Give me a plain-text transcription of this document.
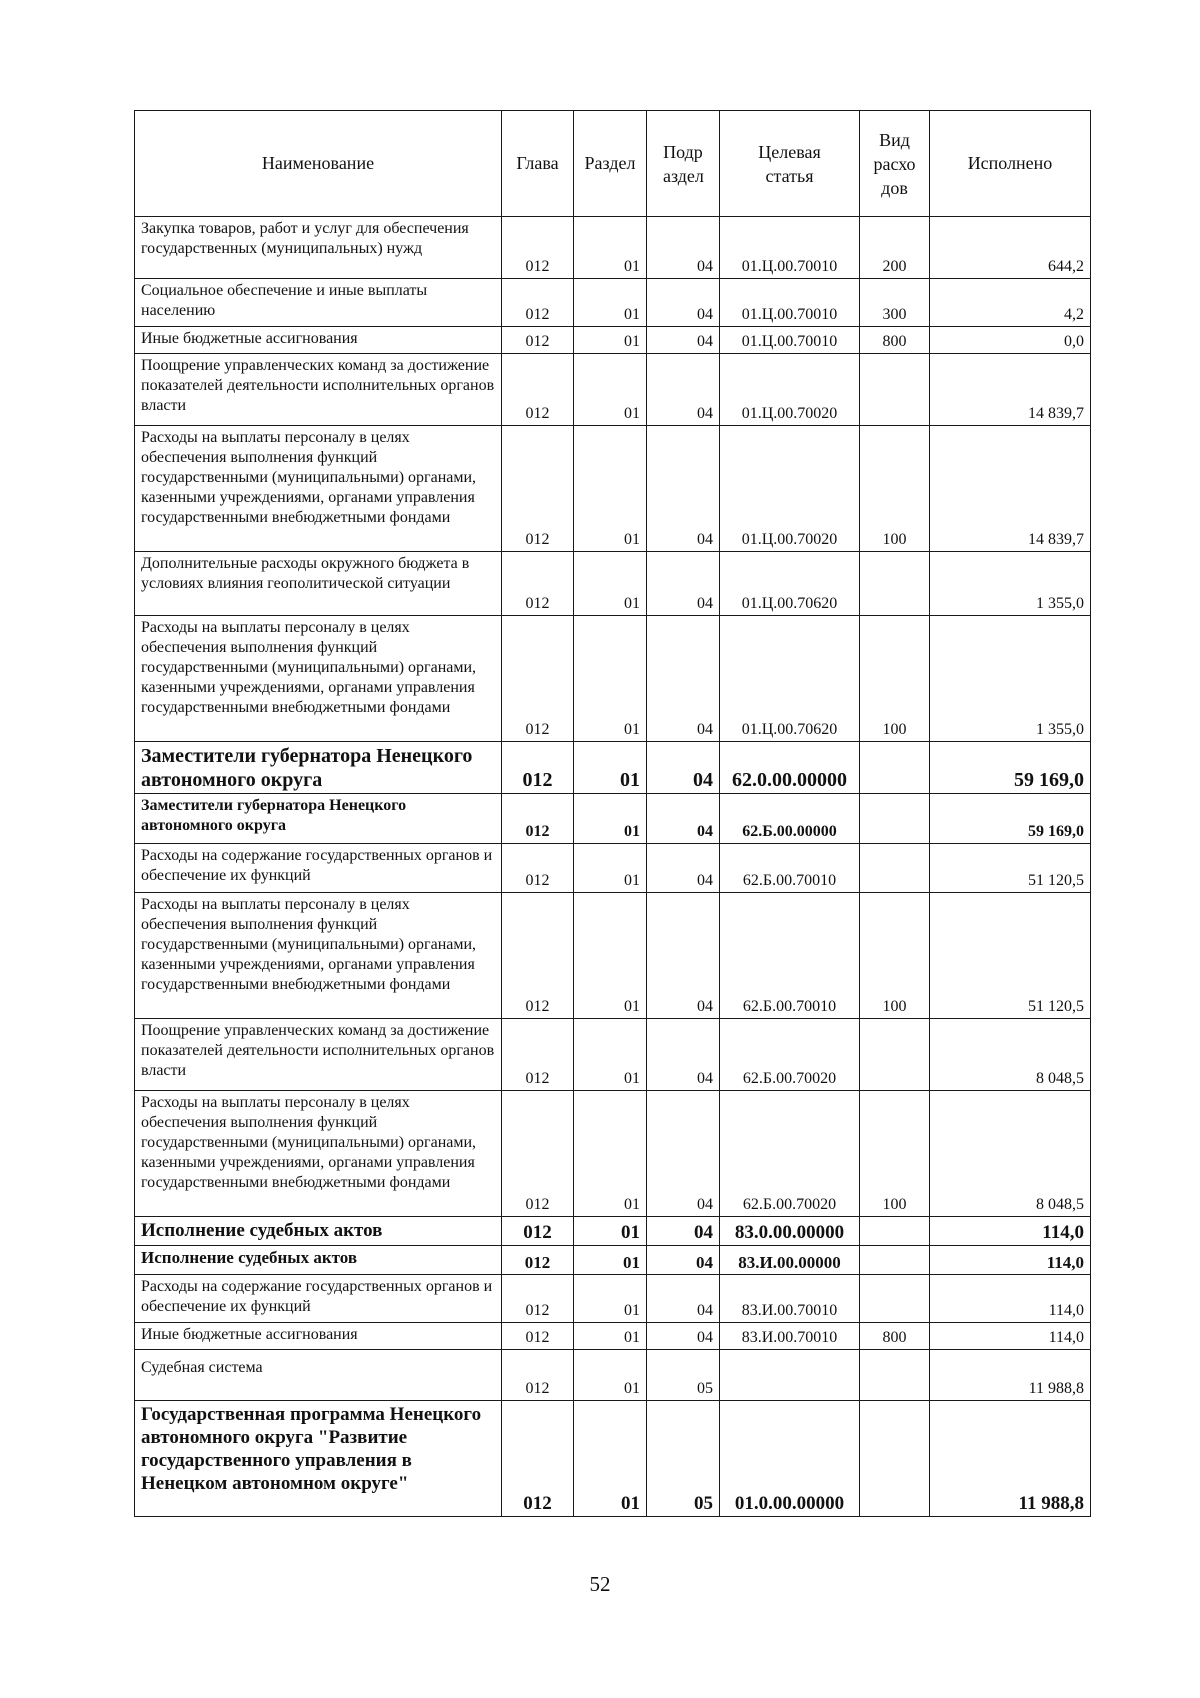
Наименование	Глава	Раздел	Подр аздел	Целевая статья	Вид расхо дов	Исполнено
Закупка товаров, работ и услуг для обеспечения государственных (муниципальных) нужд	012	01	04	01.Ц.00.70010	200	644,2
Социальное обеспечение и иные выплаты населению	012	01	04	01.Ц.00.70010	300	4,2
Иные бюджетные ассигнования	012	01	04	01.Ц.00.70010	800	0,0
Поощрение управленческих команд за достижение показателей деятельности исполнительных органов власти	012	01	04	01.Ц.00.70020		14 839,7
Расходы на выплаты персоналу в целях обеспечения выполнения функций государственными (муниципальными) органами, казенными учреждениями, органами управления государственными внебюджетными фондами	012	01	04	01.Ц.00.70020	100	14 839,7
Дополнительные расходы окружного бюджета в условиях влияния геополитической ситуации	012	01	04	01.Ц.00.70620		1 355,0
Расходы на выплаты персоналу в целях обеспечения выполнения функций государственными (муниципальными) органами, казенными учреждениями, органами управления государственными внебюджетными фондами	012	01	04	01.Ц.00.70620	100	1 355,0
Заместители губернатора Ненецкого автономного округа	012	01	04	62.0.00.00000		59 169,0
Заместители губернатора Ненецкого автономного округа	012	01	04	62.Б.00.00000		59 169,0
Расходы на содержание государственных органов и обеспечение их функций	012	01	04	62.Б.00.70010		51 120,5
Расходы на выплаты персоналу в целях обеспечения выполнения функций государственными (муниципальными) органами, казенными учреждениями, органами управления государственными внебюджетными фондами	012	01	04	62.Б.00.70010	100	51 120,5
Поощрение управленческих команд за достижение показателей деятельности исполнительных органов власти	012	01	04	62.Б.00.70020		8 048,5
Расходы на выплаты персоналу в целях обеспечения выполнения функций государственными (муниципальными) органами, казенными учреждениями, органами управления государственными внебюджетными фондами	012	01	04	62.Б.00.70020	100	8 048,5
Исполнение судебных актов	012	01	04	83.0.00.00000		114,0
Исполнение судебных актов	012	01	04	83.И.00.00000		114,0
Расходы на содержание государственных органов и обеспечение их функций	012	01	04	83.И.00.70010		114,0
Иные бюджетные ассигнования	012	01	04	83.И.00.70010	800	114,0
Судебная система	012	01	05			11 988,8
Государственная программа Ненецкого автономного округа "Развитие государственного управления в Ненецком автономном округе"	012	01	05	01.0.00.00000		11 988,8
52
